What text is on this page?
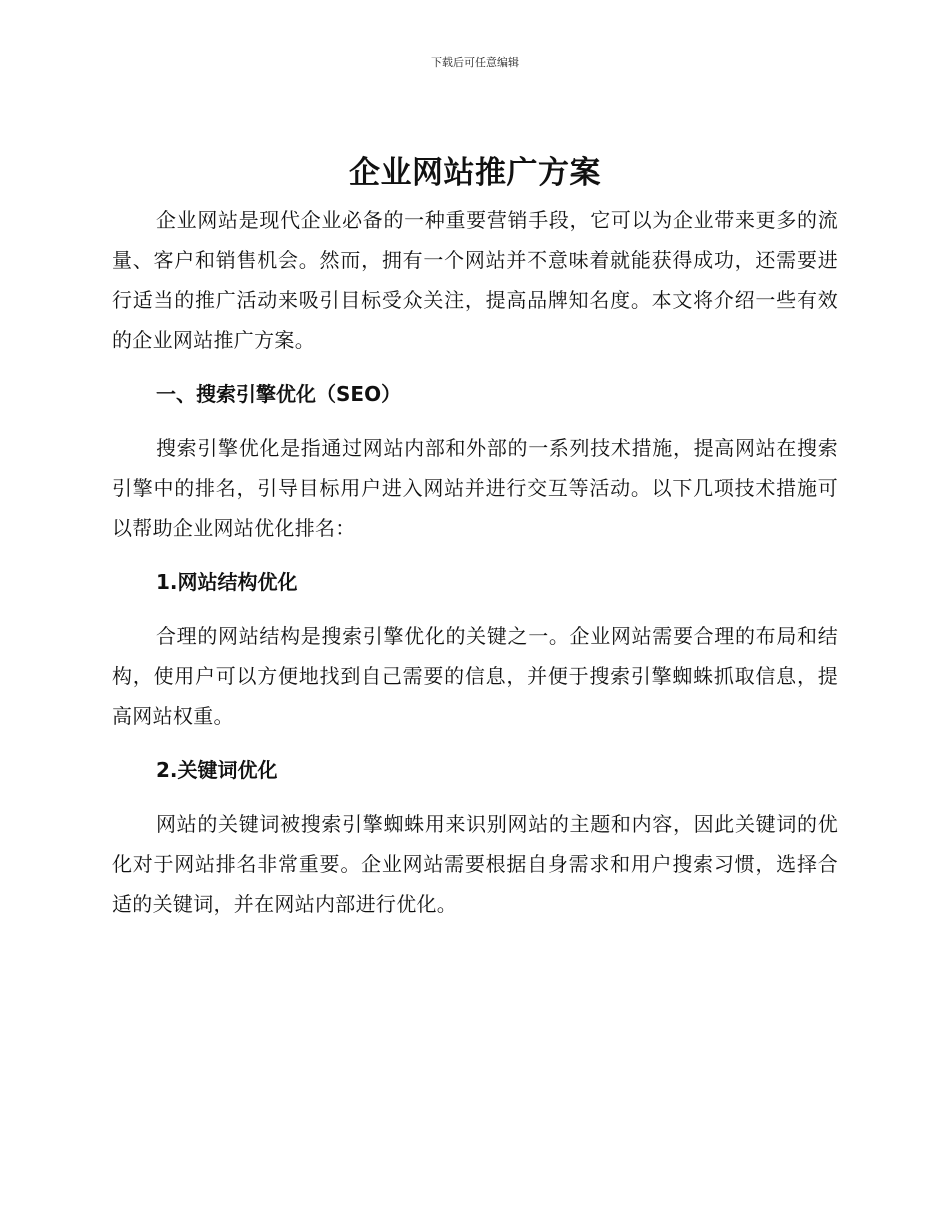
下载后可任意编辑
企业网站推广方案

企业网站是现代企业必备的一种重要营销手段，它可以为企业带来更多的流量、客户和销售机会。然而，拥有一个网站并不意味着就能获得成功，还需要进行适当的推广活动来吸引目标受众关注，提高品牌知名度。本文将介绍一些有效的企业网站推广方案。

一、搜索引擎优化（SEO）

搜索引擎优化是指通过网站内部和外部的一系列技术措施，提高网站在搜索引擎中的排名，引导目标用户进入网站并进行交互等活动。以下几项技术措施可以帮助企业网站优化排名：

1.网站结构优化

合理的网站结构是搜索引擎优化的关键之一。企业网站需要合理的布局和结构，使用户可以方便地找到自己需要的信息，并便于搜索引擎蜘蛛抓取信息，提高网站权重。

2.关键词优化

网站的关键词被搜索引擎蜘蛛用来识别网站的主题和内容，因此关键词的优化对于网站排名非常重要。企业网站需要根据自身需求和用户搜索习惯，选择合适的关键词，并在网站内部进行优化。
